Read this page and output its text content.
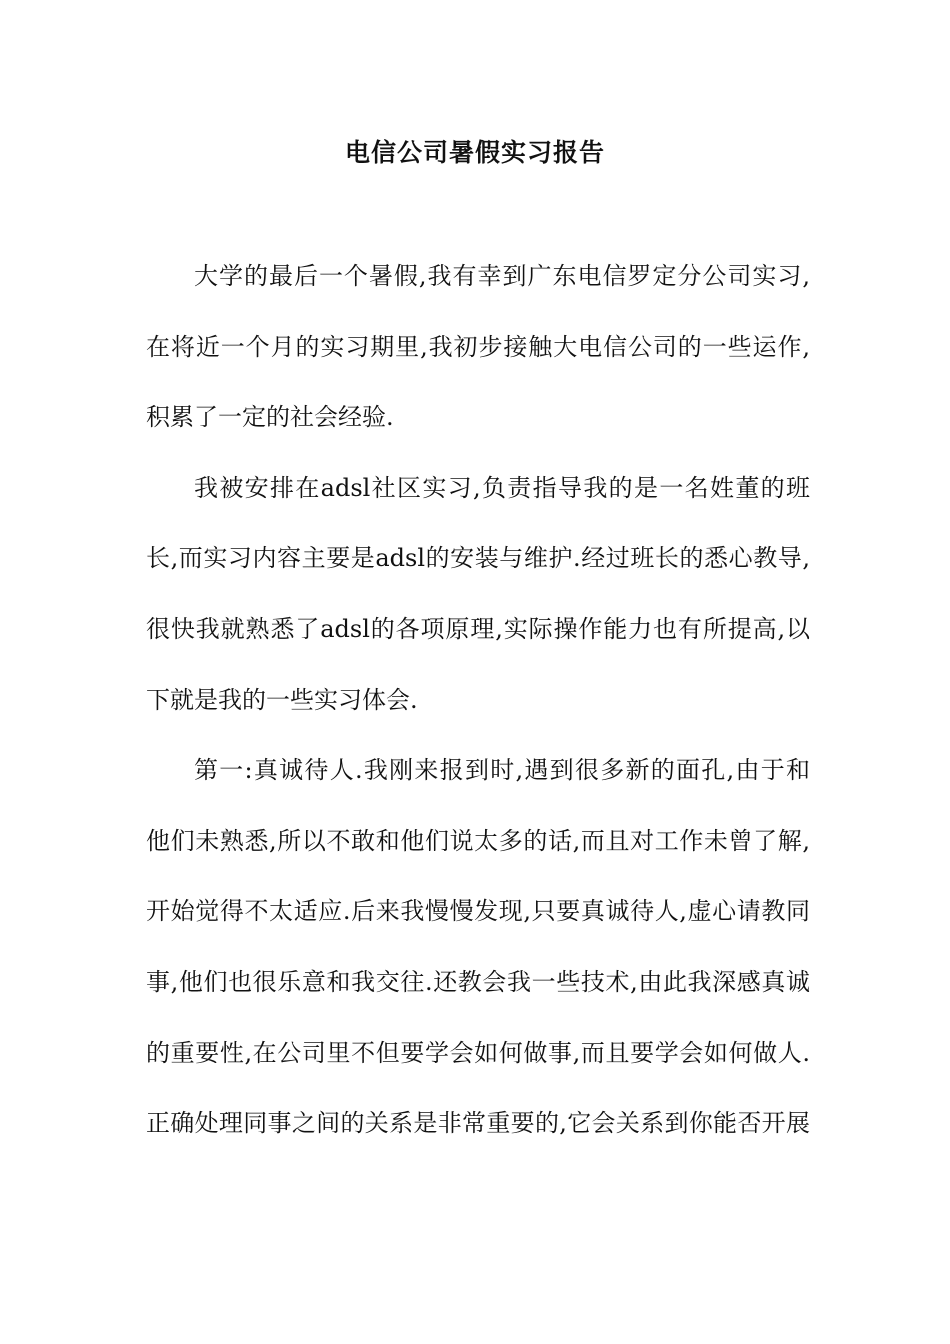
电信公司暑假实习报告
大学的最后一个暑假,我有幸到广东电信罗定分公司实习,
在将近一个月的实习期里,我初步接触大电信公司的一些运作,
积累了一定的社会经验.
我被安排在adsl社区实习,负责指导我的是一名姓董的班
长,而实习内容主要是adsl的安装与维护.经过班长的悉心教导,
很快我就熟悉了adsl的各项原理,实际操作能力也有所提高,以
下就是我的一些实习体会.
第一:真诚待人.我刚来报到时,遇到很多新的面孔,由于和
他们未熟悉,所以不敢和他们说太多的话,而且对工作未曾了解,
开始觉得不太适应.后来我慢慢发现,只要真诚待人,虚心请教同
事,他们也很乐意和我交往.还教会我一些技术,由此我深感真诚
的重要性,在公司里不但要学会如何做事,而且要学会如何做人.
正确处理同事之间的关系是非常重要的,它会关系到你能否开展
